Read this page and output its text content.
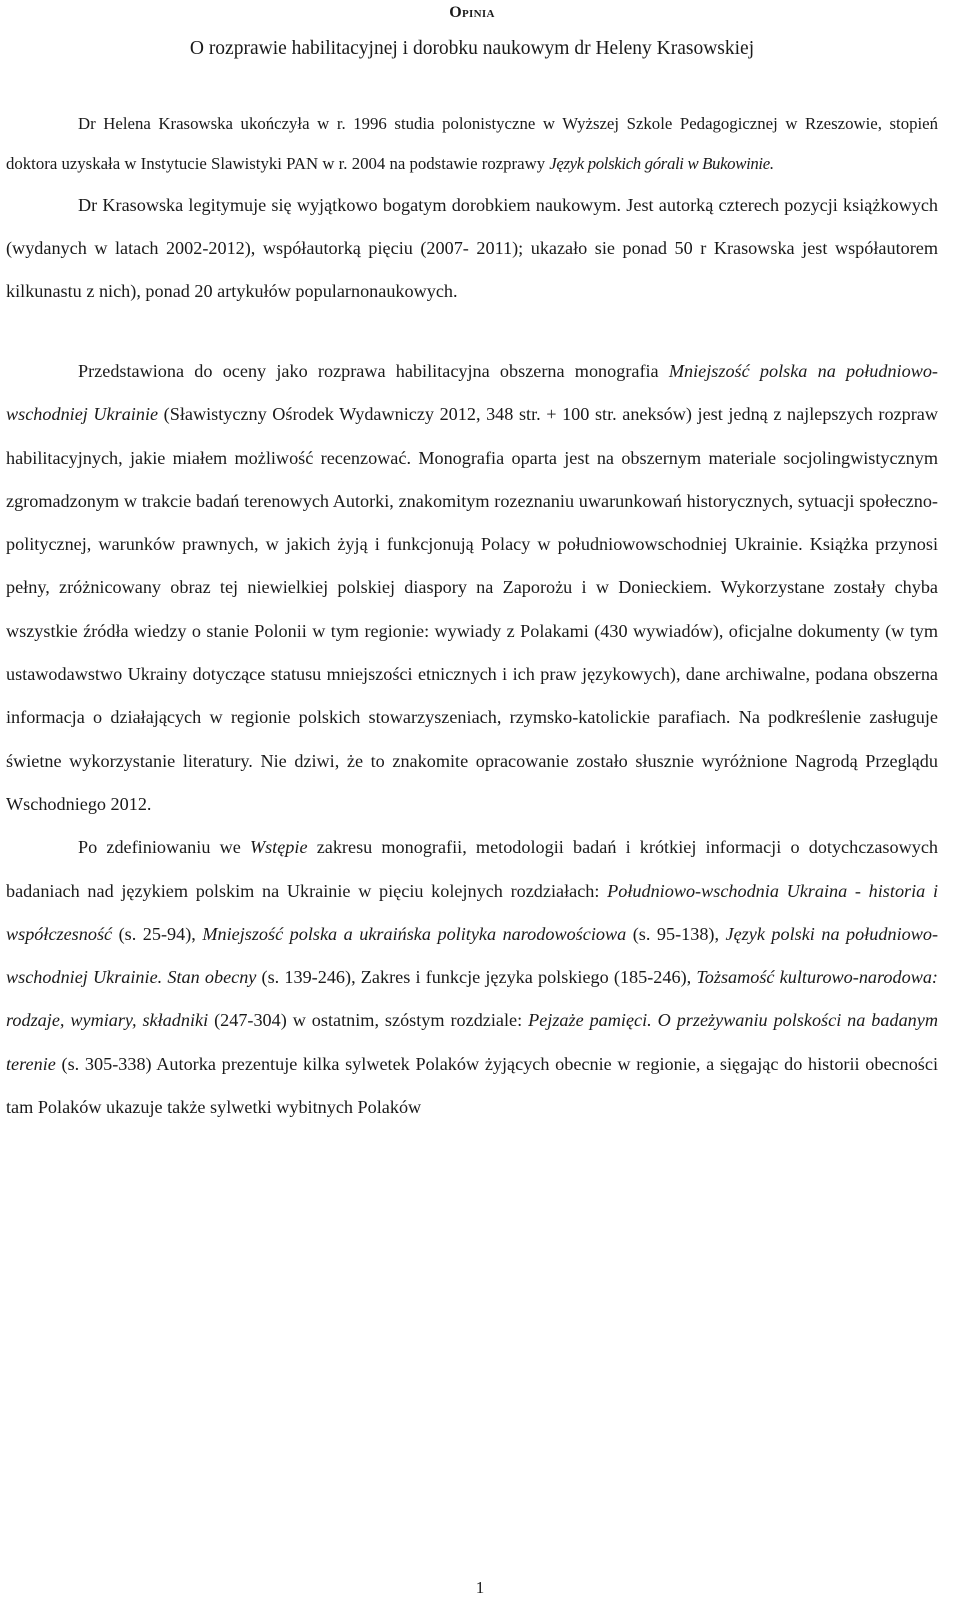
Opinia
O rozprawie habilitacyjnej i dorobku naukowym dr Heleny Krasowskiej

Dr Helena Krasowska ukończyła w r. 1996 studia polonistyczne w Wyższej Szkole Pedagogicznej w Rzeszowie, stopień doktora uzyskała w Instytucie Slawistyki PAN w r. 2004 na podstawie rozprawy Język polskich górali w Bukowinie.

Dr Krasowska legitymuje się wyjątkowo bogatym dorobkiem naukowym. Jest autorką czterech pozycji książkowych (wydanych w latach 2002-2012), współautorką pięciu (2007- 2011); ukazało sie ponad 50 r Krasowska jest współautorem kilkunastu z nich), ponad 20 artykułów popularnonaukowych.

Przedstawiona do oceny jako rozprawa habilitacyjna obszerna monografia Mniejszość polska na południowo-wschodniej Ukrainie (Sławistyczny Ośrodek Wydawniczy 2012, 348 str. + 100 str. aneksów) jest jedną z najlepszych rozpraw habilitacyjnych, jakie miałem możliwość recenzować. Monografia oparta jest na obszernym materiale socjolingwistycznym zgromadzonym w trakcie badań terenowych Autorki, znakomitym rozeznaniu uwarunkowań historycznych, sytuacji społeczno-politycznej, warunków prawnych, w jakich żyją i funkcjonują Polacy w południowowschodniej Ukrainie. Książka przynosi pełny, zróżnicowany obraz tej niewielkiej polskiej diaspory na Zaporożu i w Donieckiem. Wykorzystane zostały chyba wszystkie źródła wiedzy o stanie Polonii w tym regionie: wywiady z Polakami (430 wywiadów), oficjalne dokumenty (w tym ustawodawstwo Ukrainy dotyczące statusu mniejszości etnicznych i ich praw językowych), dane archiwalne, podana obszerna informacja o działających w regionie polskich stowarzyszeniach, rzymsko-katolickie parafiach. Na podkreślenie zasługuje świetne wykorzystanie literatury. Nie dziwi, że to znakomite opracowanie zostało słusznie wyróżnione Nagrodą Przeglądu Wschodniego 2012.

Po zdefiniowaniu we Wstępie zakresu monografii, metodologii badań i krótkiej informacji o dotychczasowych badaniach nad językiem polskim na Ukrainie w pięciu kolejnych rozdziałach: Południowo-wschodnia Ukraina - historia i współczesność (s. 25-94), Mniejszość polska a ukraińska polityka narodowościowa (s. 95-138), Język polski na południowo-wschodniej Ukrainie. Stan obecny (s. 139-246), Zakres i funkcje języka polskiego (185-246), Tożsamość kulturowo-narodowa: rodzaje, wymiary, składniki (247-304) w ostatnim, szóstym rozdziale: Pejzaże pamięci. O przeżywaniu polskości na badanym terenie (s. 305-338) Autorka prezentuje kilka sylwetek Polaków żyjących obecnie w regionie, a sięgając do historii obecności tam Polaków ukazuje także sylwetki wybitnych Polaków

1
